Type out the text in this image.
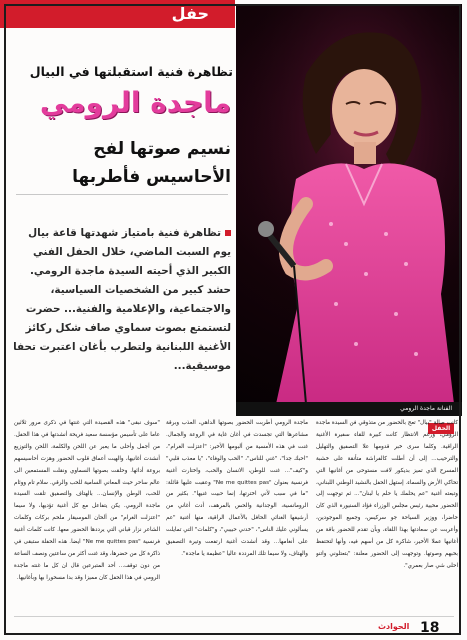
حفل
الفنانة ماجدة الرومي
تظاهرة فنية استقبلتها في البيال
ماجدة الرومي
نسيم صوتها لفح
الأحاسيس فأطربها
تظاهرة فنية بامتياز شهدتها قاعة بيال يوم السبت الماضي، خلال الحفل الفني الكبير الذي أحيته السيدة ماجدة الرومي. حشد كبير من الشخصيات السياسية، والاجتماعية، والإعلامية والفنية... حضرت لتستمتع بصوت سماوي صاف شكل ركائز الأغنية اللبنانية ولتطرب بأغان اعتبرت تحفا موسيقية...
الحفل
كانت صالة "بيال" تعج بالحضور من متذوقي فن السيدة ماجدة الرومي، ورغم الانتظار كانت كبيرة للقاء سفيرة الأغنية الراقية. وكلما سرى خبر قدومها علا التصفيق والتهليل والترحيب... إلى أن أطلت كالفراشة متأنقة على خشبة المسرح الذي تميز بديكور لافت مستوحى من أغانيها التي تحاكي الأرض والسماء. إستهل الحفل بالنشيد الوطني اللبناني، وتبعته أغنية "عم يحلمك يا حلم يا لبنان"... ثم توجهت إلى الحضور محيية رئيس مجلس الوزراء فؤاد السنيورة الذي كان حاضرا، ووزير السياحة جو سركيس، وجميع الموجودين، وأعربت عن سعادتها بهذا اللقاء، وبأن تقدم للحضور باقة من أغانيها عملا الأخير، شاكرة كل من أسهم فيه، وأنها لتحتفظ بحبهم وصوتها. وتوجهت إلى الحضور معلنة: "بتعتلوني واتنو احلى شي صار بعمري".
ماجدة الرومي أطربت الحضور بصوتها الداهي، العذب وبرقة مشاعرها التي تجسدت في أغان غاية في الروعة والجمال. غنت في هذه الأمسية من ألبومها الأخير: "اعتزلت الغرام"، "احبك جدا"، "غني للناس"، "الحب والوفاء"، "يا معذب قلبي" و"كيف"... غنت للوطن، الانسان والحب، واختارت أغنية فرنسية بعنوان "Ne me quittes pas" وعقبت عليها قائلة: "ما في سبب لأني اخترتها، إنما حبيت غنيها". بكثير من الرومانسية، الوجدانية والحس بالمرهف، أدت أغاني من أرشيفها الغنائي الحافل بالأعمال الراقية، منها أغنية "عم يسألوني عليك الناس"، "خدني حبيبي"، و"كلمات" التي تمايلت على أنغامها... وقد أنشدت أغنية ارتفعت وتيرة التصفيق والهتاف، ولا سيما تلك المرددة عاليا "عظيمة يا ماجدة".
"سوف نبقى" هذه القصيدة التي غنتها في ذكرى مرور ثلاثين عاما على تأسيس مؤسسة سعيد فريحة أنشدتها في هذا الحفل. من أجمل وأحلى ما يعبر عن اللحن والكلمة، اللحن والتوزيع أنشدت أغانيها، والهبت أعماق قلوب الحضور وهزت أحاسيسهم بروعة أدائها. وحلقت بصوتها السماوي ونقلت المستمعين الى عالم ساحر حيث المعاني السامية للحب والرقي. سلام تام ووئام للحب، الوطن والإنسان... بالهتاف والتصفيق تلقت السيدة ماجدة الرومي. يكن يتفاعل مع كل أغنية تؤديها، ولا سيما "اعتزلت الغرام" من ألحان الموسيقار ملحم بركات وكلمات الشاعر نزار قباني التي يرددها الحضور معها. كانت كلمات أغنية فرنسية "Ne me quittes pas" ايضا. هذه الحفلة ستبقى في ذاكرة كل من حضرها، وقد غنت أكثر من ساعتين ونصف الساعة من دون توقف... أحد المتبرعين قال ان كل ما غنته ماجدة الرومي في هذا الحفل كان مميزا وقد بدا مسحورا بها وبأغانيها.
الحوادث 18
